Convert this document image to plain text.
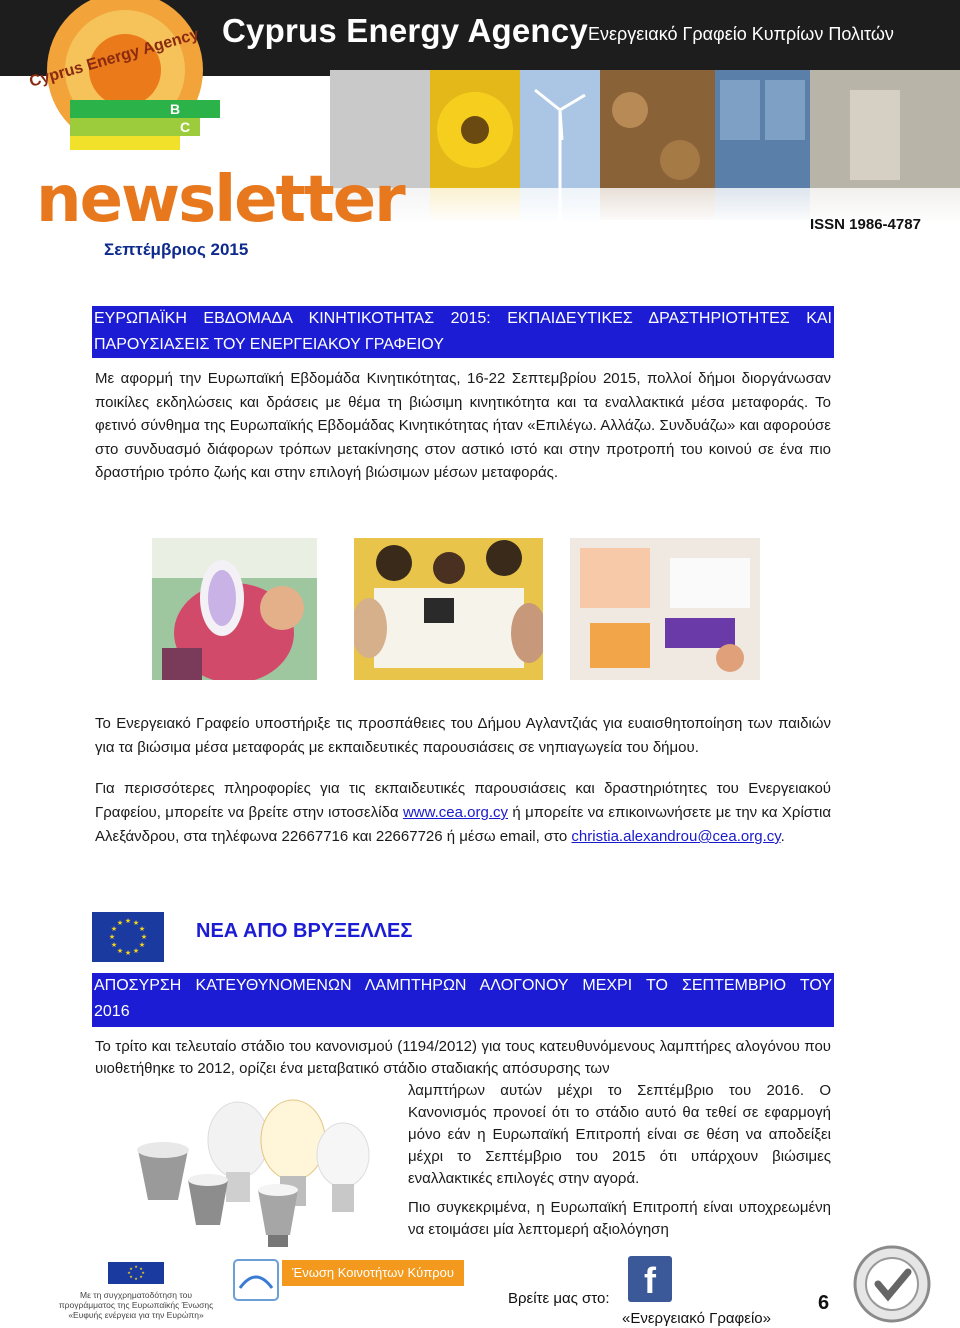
B
C
Cyprus Energy Agency Cyprus Energy Agency Ενεργειακό Γραφείο Κυπρίων Πολιτών
newsletter	ISSN 1986-4787
Σεπτέμβριος 2015
ΕΥΡΩΠΑΪΚΗ ΕΒΔΟΜΑΔΑ ΚΙΝΗΤΙΚΟΤΗΤΑΣ 2015: ΕΚΠΑΙΔΕΥΤΙΚΕΣ ΔΡΑΣΤΗΡΙΟΤΗΤΕΣ ΚΑΙ
ΠΑΡΟΥΣΙΑΣΕΙΣ ΤΟΥ ΕΝΕΡΓΕΙΑΚΟΥ ΓΡΑΦΕΙΟΥ
Με αφορμή την Ευρωπαϊκή Εβδομάδα Κινητικότητας, 16-22 Σεπτεμβρίου 2015, πολλοί δήμοι διοργάνωσαν ποικίλες εκδηλώσεις και δράσεις με θέμα τη βιώσιμη κινητικότητα και τα εναλλακτικά μέσα μεταφοράς. Το φετινό σύνθημα της Ευρωπαϊκής Εβδομάδας Κινητικότητας ήταν «Επιλέγω. Αλλάζω. Συνδυάζω» και αφορούσε στο συνδυασμό διάφορων τρόπων μετακίνησης στον αστικό ιστό και στην προτροπή του κοινού σε ένα πιο δραστήριο τρόπο ζωής και στην επιλογή βιώσιμων μέσων μεταφοράς.
Το Ενεργειακό Γραφείο υποστήριξε τις προσπάθειες του Δήμου Αγλαντζιάς για ευαισθητοποίηση των παιδιών για τα βιώσιμα μέσα μεταφοράς με εκπαιδευτικές παρουσιάσεις σε νηπιαγωγεία του δήμου.
Για περισσότερες πληροφορίες για τις εκπαιδευτικές παρουσιάσεις και δραστηριότητες του Ενεργειακού Γραφείου, μπορείτε να βρείτε στην ιστοσελίδα www.cea.org.cy ή μπορείτε να επικοινωνήσετε με την κα Χρίστια Αλεξάνδρου, στα τηλέφωνα 22667716 και 22667726 ή μέσω email, στο christia.alexandrou@cea.org.cy.
★ ★
★
★
★
★
★
★
★
★
★
★	ΝΕΑ ΑΠΟ ΒΡΥΞΕΛΛΕΣ
ΑΠΟΣΥΡΣΗ ΚΑΤΕΥΘΥΝΟΜΕΝΩΝ ΛΑΜΠΤΗΡΩΝ ΑΛΟΓΟΝΟΥ ΜΕΧΡΙ ΤΟ ΣΕΠΤΕΜΒΡΙΟ ΤΟΥ
2016
Το τρίτο και τελευταίο στάδιο του κανονισμού (1194/2012) για τους κατευθυνόμενους λαμπτήρες αλογόνου που υιοθετήθηκε το 2012, ορίζει ένα μεταβατικό στάδιο σταδιακής απόσυρσης των
λαμπτήρων αυτών μέχρι το Σεπτέμβριο του 2016. Ο Κανονισμός προνοεί ότι το στάδιο αυτό θα τεθεί σε εφαρμογή μόνο εάν η Ευρωπαϊκή Επιτροπή είναι σε θέση να αποδείξει μέχρι το Σεπτέμβριο του 2015 ότι υπάρχουν βιώσιμες εναλλακτικές επιλογές στην αγορά.
Πιο συγκεκριμένα, η Ευρωπαϊκή Επιτροπή είναι υποχρεωμένη να ετοιμάσει μία λεπτομερή αξιολόγηση
★ ★
★
★
★
★
★
★
Με τη συγχρηματοδότηση του προγράμματος της Ευρωπαϊκής Ένωσης «Ευφυής ενέργεια για την Ευρώπη»
Ένωση Κοινοτήτων Κύπρου
Βρείτε μας στο: f
«Ενεργειακό Γραφείο»
6
